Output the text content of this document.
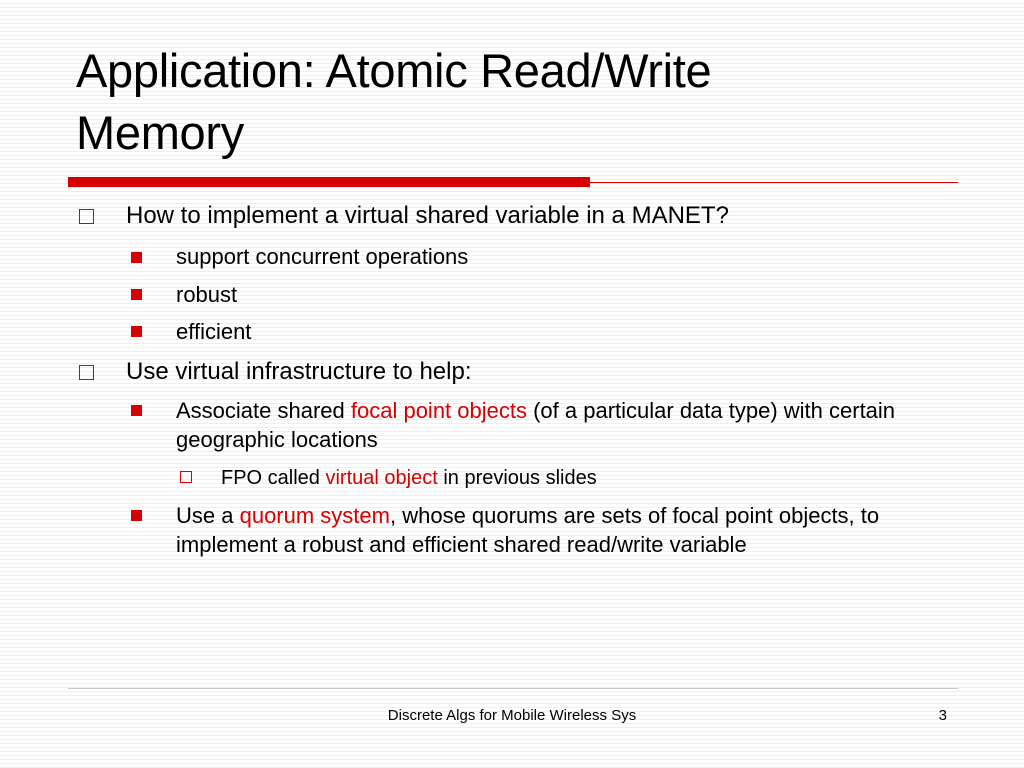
Application: Atomic Read/Write
Memory
How to implement a virtual shared variable in a MANET?
support concurrent operations
robust
efficient
Use virtual infrastructure to help:
Associate shared focal point objects (of a particular data type) with certain geographic locations
FPO called virtual object in previous slides
Use a quorum system, whose quorums are sets of focal point objects, to implement a robust and efficient shared read/write variable
Discrete Algs for Mobile Wireless Sys	3
